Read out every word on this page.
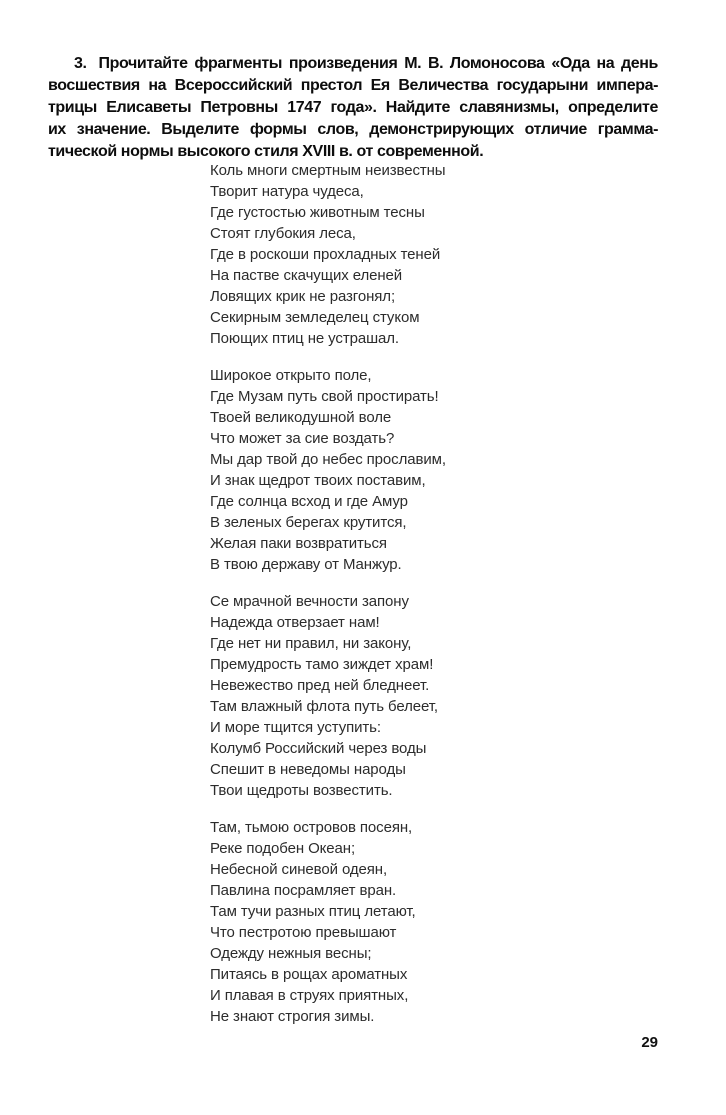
3. Прочитайте фрагменты произведения М. В. Ломоносова «Ода на день
восшествия на Всероссийский престол Ея Величества государыни импера-
трицы Елисаветы Петровны 1747 года». Найдите славянизмы, определите
их значение. Выделите формы слов, демонстрирующих отличие грамма-
тической нормы высокого стиля XVIII в. от современной.
Коль многи смертным неизвестны
Творит натура чудеса,
Где густостью животным тесны
Стоят глубокия леса,
Где в роскоши прохладных теней
На пастве скачущих еленей
Ловящих крик не разгонял;
Секирным земледелец стуком
Поющих птиц не устрашал.
Широкое открыто поле,
Где Музам путь свой простирать!
Твоей великодушной воле
Что может за сие воздать?
Мы дар твой до небес прославим,
И знак щедрот твоих поставим,
Где солнца всход и где Амур
В зеленых берегах крутится,
Желая паки возвратиться
В твою державу от Манжур.
Се мрачной вечности запону
Надежда отверзает нам!
Где нет ни правил, ни закону,
Премудрость тамо зиждет храм!
Невежество пред ней бледнеет.
Там влажный флота путь белеет,
И море тщится уступить:
Колумб Российский через воды
Спешит в неведомы народы
Твои щедроты возвестить.
Там, тьмою островов посеян,
Реке подобен Океан;
Небесной синевой одеян,
Павлина посрамляет вран.
Там тучи разных птиц летают,
Что пестротою превышают
Одежду нежныя весны;
Питаясь в рощах ароматных
И плавая в струях приятных,
Не знают строгия зимы.
29
